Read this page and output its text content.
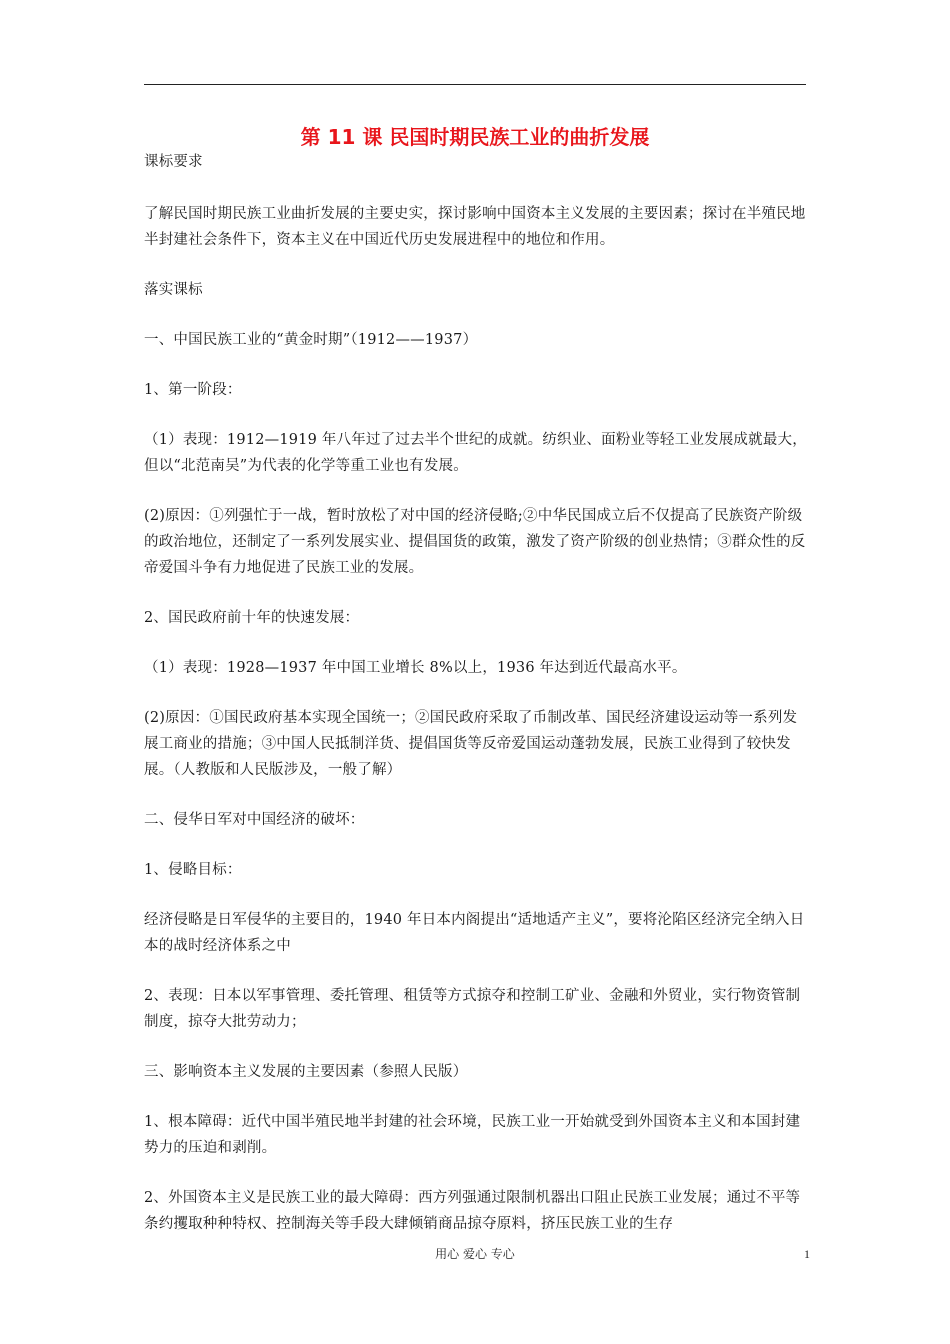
第 11 课 民国时期民族工业的曲折发展

课标要求

了解民国时期民族工业曲折发展的主要史实，探讨影响中国资本主义发展的主要因素；探讨在半殖民地半封建社会条件下，资本主义在中国近代历史发展进程中的地位和作用。

落实课标

一、中国民族工业的“黄金时期”（1912——1937）

1、第一阶段：

（1）表现：1912—1919 年八年过了过去半个世纪的成就。纺织业、面粉业等轻工业发展成就最大，但以“北范南吴”为代表的化学等重工业也有发展。

(2)原因：①列强忙于一战，暂时放松了对中国的经济侵略;②中华民国成立后不仅提高了民族资产阶级的政治地位，还制定了一系列发展实业、提倡国货的政策，激发了资产阶级的创业热情；③群众性的反帝爱国斗争有力地促进了民族工业的发展。

2、国民政府前十年的快速发展：

（1）表现：1928—1937 年中国工业增长 8%以上，1936 年达到近代最高水平。

(2)原因：①国民政府基本实现全国统一；②国民政府采取了币制改革、国民经济建设运动等一系列发展工商业的措施；③中国人民抵制洋货、提倡国货等反帝爱国运动蓬勃发展，民族工业得到了较快发展。（人教版和人民版涉及，一般了解）

二、侵华日军对中国经济的破坏：

1、侵略目标：

经济侵略是日军侵华的主要目的，1940 年日本内阁提出“适地适产主义”，要将沦陷区经济完全纳入日本的战时经济体系之中

2、表现：日本以军事管理、委托管理、租赁等方式掠夺和控制工矿业、金融和外贸业，实行物资管制制度，掠夺大批劳动力；

三、影响资本主义发展的主要因素（参照人民版）

1、根本障碍：近代中国半殖民地半封建的社会环境，民族工业一开始就受到外国资本主义和本国封建势力的压迫和剥削。

2、外国资本主义是民族工业的最大障碍：西方列强通过限制机器出口阻止民族工业发展；通过不平等条约攫取种种特权、控制海关等手段大肆倾销商品掠夺原料，挤压民族工业的生存

用心 爱心 专心	1
